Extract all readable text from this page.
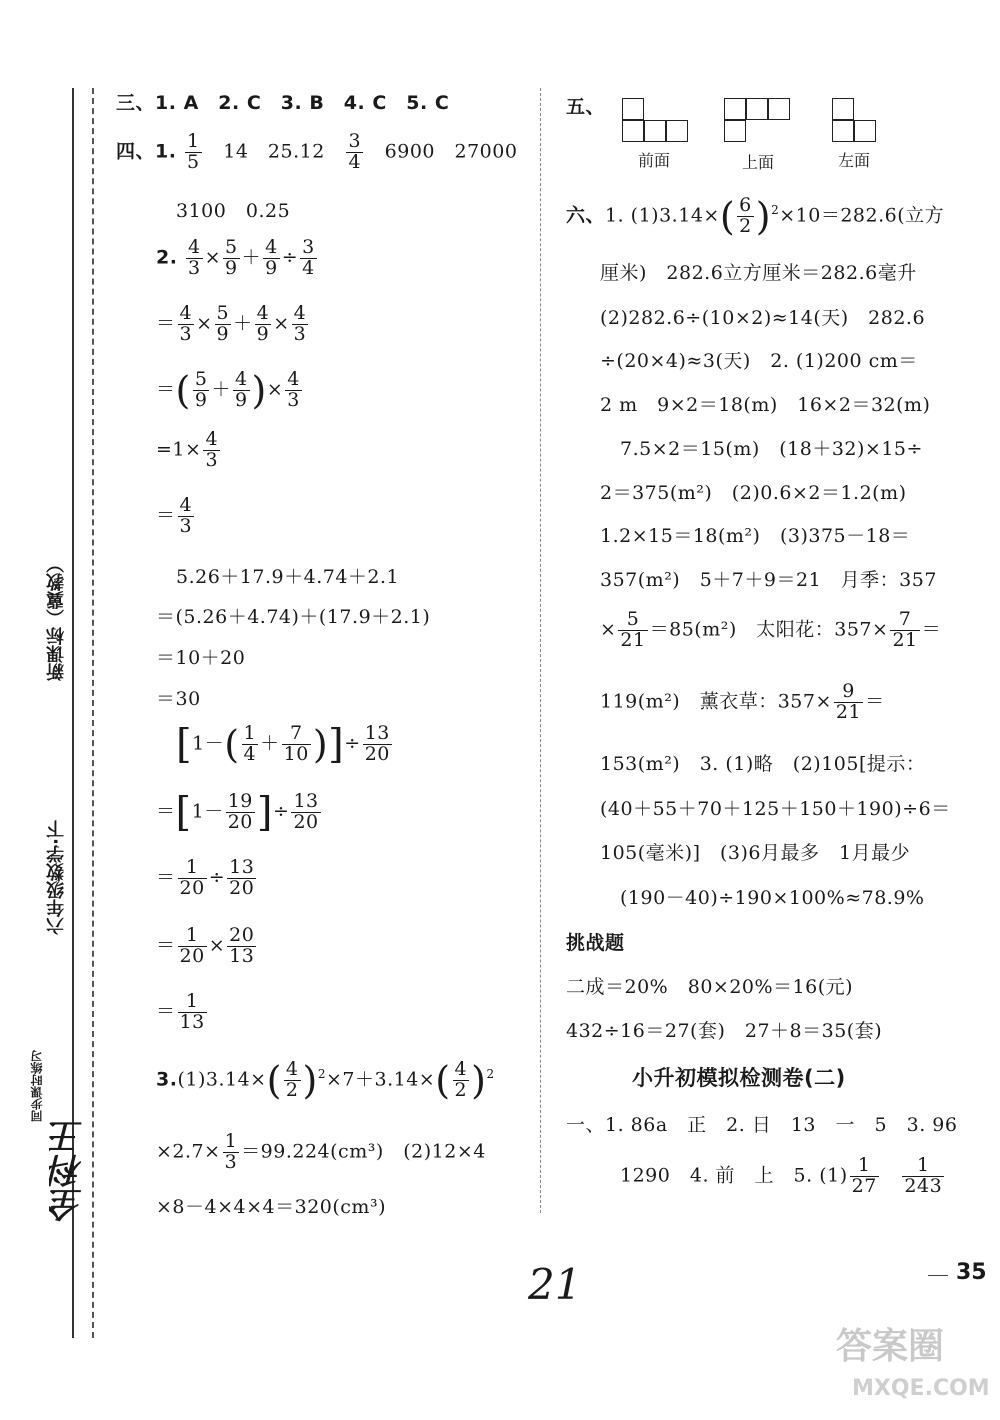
新课标（冀教）
六年级数学·下
全科王
同步课时练习
三、1. A　2. C　3. B　4. C　5. C
四、1. $\frac{1}{5} 14$　$25.12 \frac{3}{4} 6900$　27000
3100　0.25
2. $\frac{4}{3} \times \frac{5}{9} + \frac{4}{9} \div \frac{3}{4}$
＝ $\frac{4}{3} \times \frac{5}{9} + \frac{4}{9} \times \frac{4}{3}$
＝( $\frac{5}{9} + \frac{4}{9}$ )× $\frac{4}{3}$
$=1\times \frac{4}{3}$
＝ $\frac{4}{3}$
5.26＋17.9＋4.74＋2.1
＝(5.26＋4.74)＋(17.9＋2.1)
＝10＋20
＝30
[$1-( \frac{1}{4} + \frac{7}{10}$ )]÷ $\frac{13}{20}$
$=[1- \frac{19}{20}$ ]÷ $\frac{13}{20}$
＝ $\frac{1}{20} \div \frac{13}{20}$
＝ $\frac{1}{20} \times \frac{20}{13}$
＝ $\frac{1}{13}$
$3.(1)3.14\times( \frac{4}{2} )^2\times 7+3.14\times( \frac{4}{2} )^2$
$\times 2.7\times \frac{1}{3} =99.224(cm^3)$　(2)12×4
×8－4×4×4＝320(cm³)
五、
前面	上面	左面
六、1. $(1)3.14\times( \frac{6}{2} )^2\times 10=282.6$(立方
厘米)　282.6立方厘米＝282.6毫升
(2)282.6÷(10×2)≈14(天)　282.6
÷(20×4)≈3(天)　2. (1)200 cm＝
2 m　9×2＝18(m)　16×2＝32(m)
7.5×2＝15(m)　(18＋32)×15÷
2＝375(m²)　(2)0.6×2＝1.2(m)
1.2×15＝18(m²)　(3)375－18＝
357(m²)　5＋7＋9＝21　月季：357
× $\frac{5}{21} =85(m^2)$　太阳花：$357\times \frac{7}{21}$ ＝
119(m²)　薰衣草：$357\times \frac{9}{21}$ ＝
153(m²)　3. (1)略　(2)105[提示：
(40＋55＋70＋125＋150＋190)÷6＝
105(毫米)]　(3)6月最多　1月最少
(190－40)÷190×100%≈78.9%
挑战题
二成＝20%　80×20%＝16(元)
432÷16＝27(套)　27＋8＝35(套)
小升初模拟检测卷(二)
一、1. 86a　正　2. 日　13　一　5　3. 96
1290　4. 前　上　5. $(1) \frac{1}{27}$
$\frac{1}{243}$
35
21
答案圈
MXQE.COM
